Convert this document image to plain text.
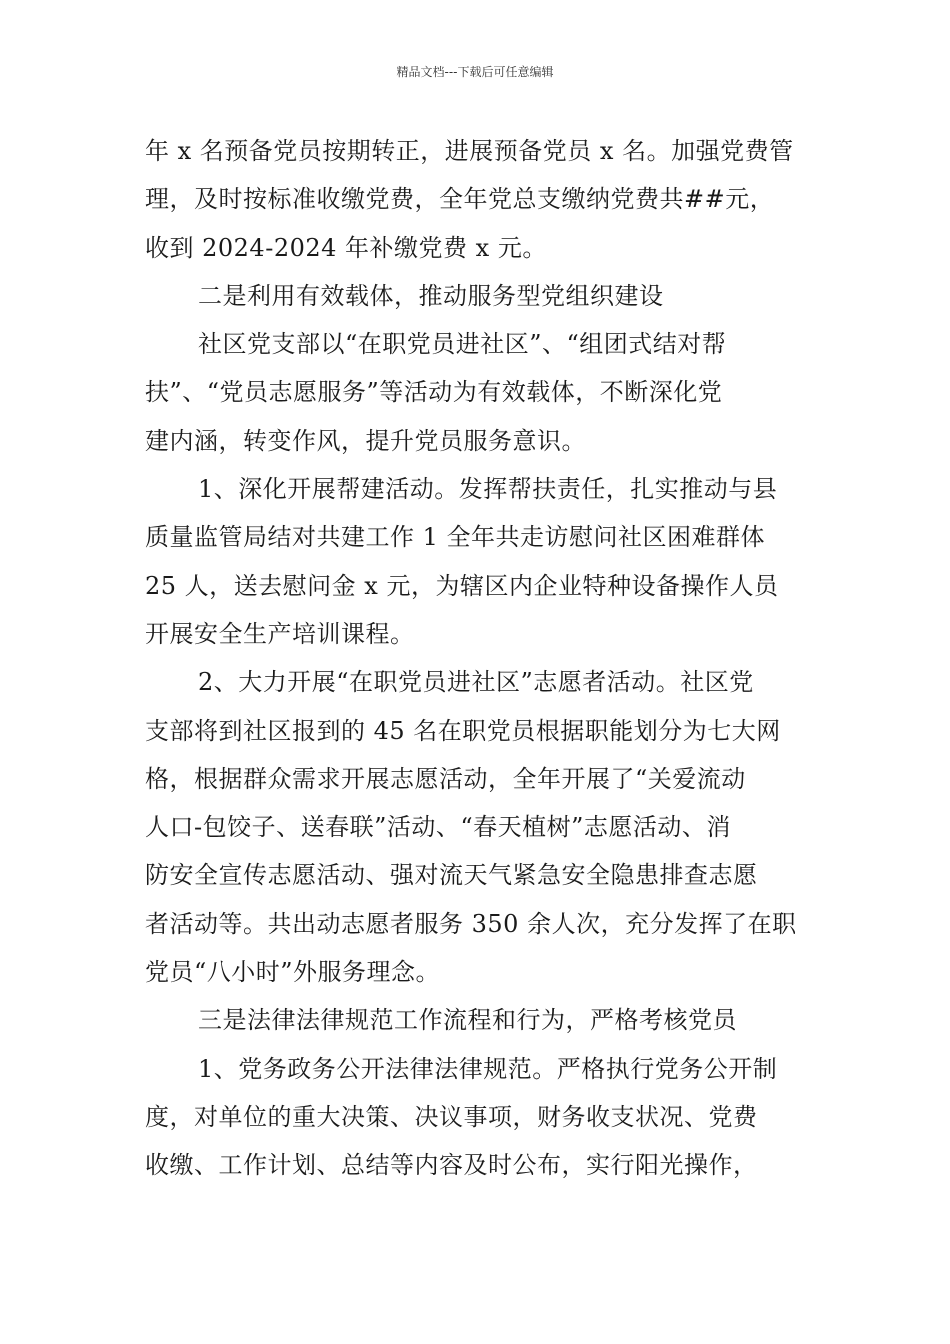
精品文档---下载后可任意编辑
年 x 名预备党员按期转正，进展预备党员 x 名。加强党费管
理，及时按标准收缴党费，全年党总支缴纳党费共##元，
收到 2024-2024 年补缴党费 x 元。
二是利用有效载体，推动服务型党组织建设
社区党支部以“在职党员进社区”、“组团式结对帮
扶”、“党员志愿服务”等活动为有效载体，不断深化党
建内涵，转变作风，提升党员服务意识。
1、深化开展帮建活动。发挥帮扶责任，扎实推动与县
质量监管局结对共建工作 1 全年共走访慰问社区困难群体
25 人，送去慰问金 x 元，为辖区内企业特种设备操作人员
开展安全生产培训课程。
2、大力开展“在职党员进社区”志愿者活动。社区党
支部将到社区报到的 45 名在职党员根据职能划分为七大网
格，根据群众需求开展志愿活动，全年开展了“关爱流动
人口-包饺子、送春联”活动、“春天植树”志愿活动、消
防安全宣传志愿活动、强对流天气紧急安全隐患排查志愿
者活动等。共出动志愿者服务 350 余人次，充分发挥了在职
党员“八小时”外服务理念。
三是法律法律规范工作流程和行为，严格考核党员
1、党务政务公开法律法律规范。严格执行党务公开制
度，对单位的重大决策、决议事项，财务收支状况、党费
收缴、工作计划、总结等内容及时公布，实行阳光操作，
